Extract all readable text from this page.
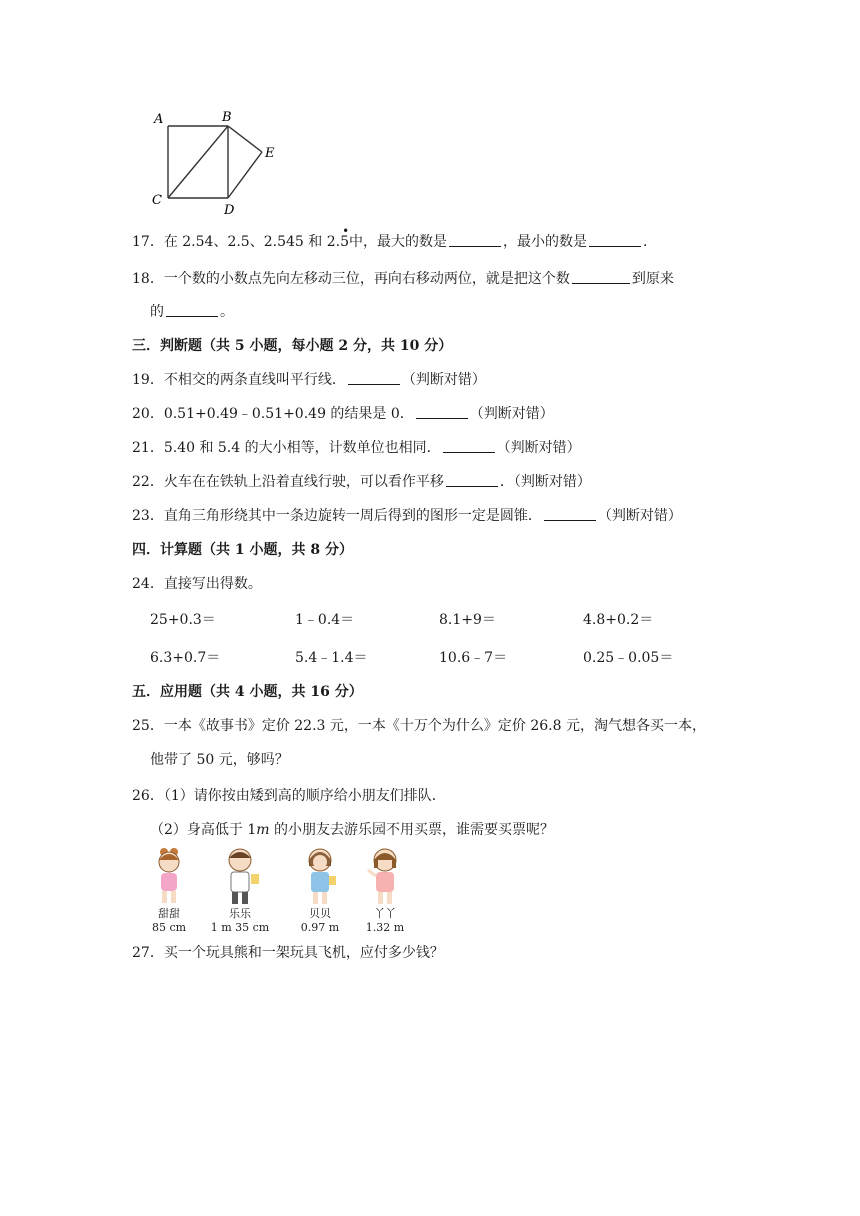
A	B
C
D
E
17．在 2.54、2.5、2.545 和 2.
•
5中，最大的数是	，最小的数是	.
18．一个数的小数点先向左移动三位，再向右移动两位，就是把这个数	到原来
的	。
三．判断题（共 5 小题，每小题 2 分，共 10 分）
19．不相交的两条直线叫平行线．	（判断对错）
20．0.51+0.49﹣0.51+0.49 的结果是 0．	（判断对错）
21．5.40 和 5.4 的大小相等，计数单位也相同．	（判断对错）
22．火车在在铁轨上沿着直线行驶，可以看作平移	．（判断对错）
23．直角三角形绕其中一条边旋转一周后得到的图形一定是圆锥．	（判断对错）
四．计算题（共 1 小题，共 8 分）
24．直接写出得数。
25+0.3＝	1﹣0.4＝	8.1+9＝	4.8+0.2＝
6.3+0.7＝	5.4﹣1.4＝	10.6﹣7＝	0.25﹣0.05＝
五．应用题（共 4 小题，共 16 分）
25．一本《故事书》定价 22.3 元，一本《十万个为什么》定价 26.8 元，淘气想各买一本，
他带了 50 元，够吗？
26．（1）请你按由矮到高的顺序给小朋友们排队．
（2）身高低于 1m 的小朋友去游乐园不用买票，谁需要买票呢？
甜甜
85 cm
乐乐
1 m 35 cm
贝贝
0.97 m
丫丫
1.32 m
27．买一个玩具熊和一架玩具飞机，应付多少钱？
